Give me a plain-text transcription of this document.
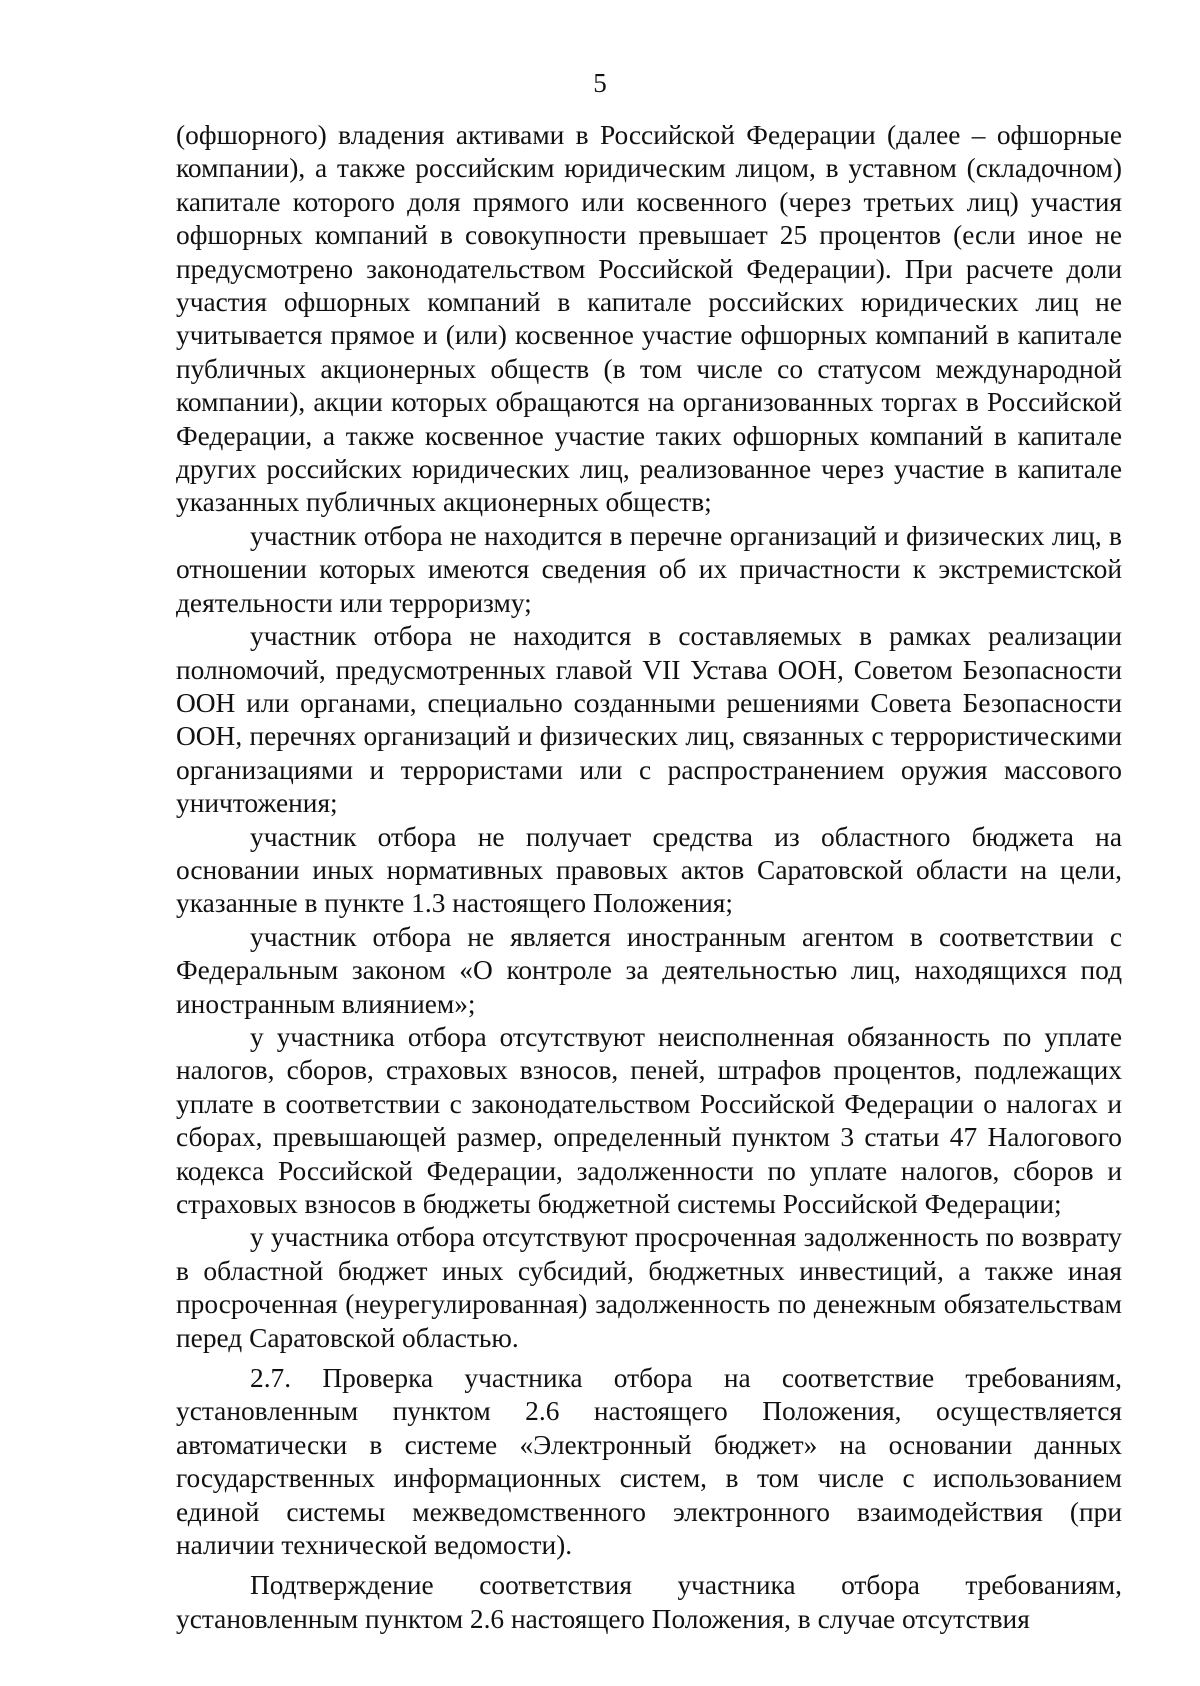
5

(офшорного) владения активами в Российской Федерации (далее – офшорные компании), а также российским юридическим лицом, в уставном (складочном) капитале которого доля прямого или косвенного (через третьих лиц) участия офшорных компаний в совокупности превышает 25 процентов (если иное не предусмотрено законодательством Российской Федерации). При расчете доли участия офшорных компаний в капитале российских юридических лиц не учитывается прямое и (или) косвенное участие офшорных компаний в капитале публичных акционерных обществ (в том числе со статусом международной компании), акции которых обращаются на организованных торгах в Российской Федерации, а также косвенное участие таких офшорных компаний в капитале других российских юридических лиц, реализованное через участие в капитале указанных публичных акционерных обществ;

участник отбора не находится в перечне организаций и физических лиц, в отношении которых имеются сведения об их причастности к экстремистской деятельности или терроризму;

участник отбора не находится в составляемых в рамках реализации полномочий, предусмотренных главой VII Устава ООН, Советом Безопасности ООН или органами, специально созданными решениями Совета Безопасности ООН, перечнях организаций и физических лиц, связанных с террористическими организациями и террористами или с распространением оружия массового уничтожения;

участник отбора не получает средства из областного бюджета на основании иных нормативных правовых актов Саратовской области на цели, указанные в пункте 1.3 настоящего Положения;

участник отбора не является иностранным агентом в соответствии с Федеральным законом «О контроле за деятельностью лиц, находящихся под иностранным влиянием»;

у участника отбора отсутствуют неисполненная обязанность по уплате налогов, сборов, страховых взносов, пеней, штрафов процентов, подлежащих уплате в соответствии с законодательством Российской Федерации о налогах и сборах, превышающей размер, определенный пунктом 3 статьи 47 Налогового кодекса Российской Федерации, задолженности по уплате налогов, сборов и страховых взносов в бюджеты бюджетной системы Российской Федерации;

у участника отбора отсутствуют просроченная задолженность по возврату в областной бюджет иных субсидий, бюджетных инвестиций, а также иная просроченная (неурегулированная) задолженность по денежным обязательствам перед Саратовской областью.

2.7. Проверка участника отбора на соответствие требованиям, установленным пунктом 2.6 настоящего Положения, осуществляется автоматически в системе «Электронный бюджет» на основании данных государственных информационных систем, в том числе с использованием единой системы межведомственного электронного взаимодействия (при наличии технической ведомости).

Подтверждение соответствия участника отбора требованиям, установленным пунктом 2.6 настоящего Положения, в случае отсутствия
